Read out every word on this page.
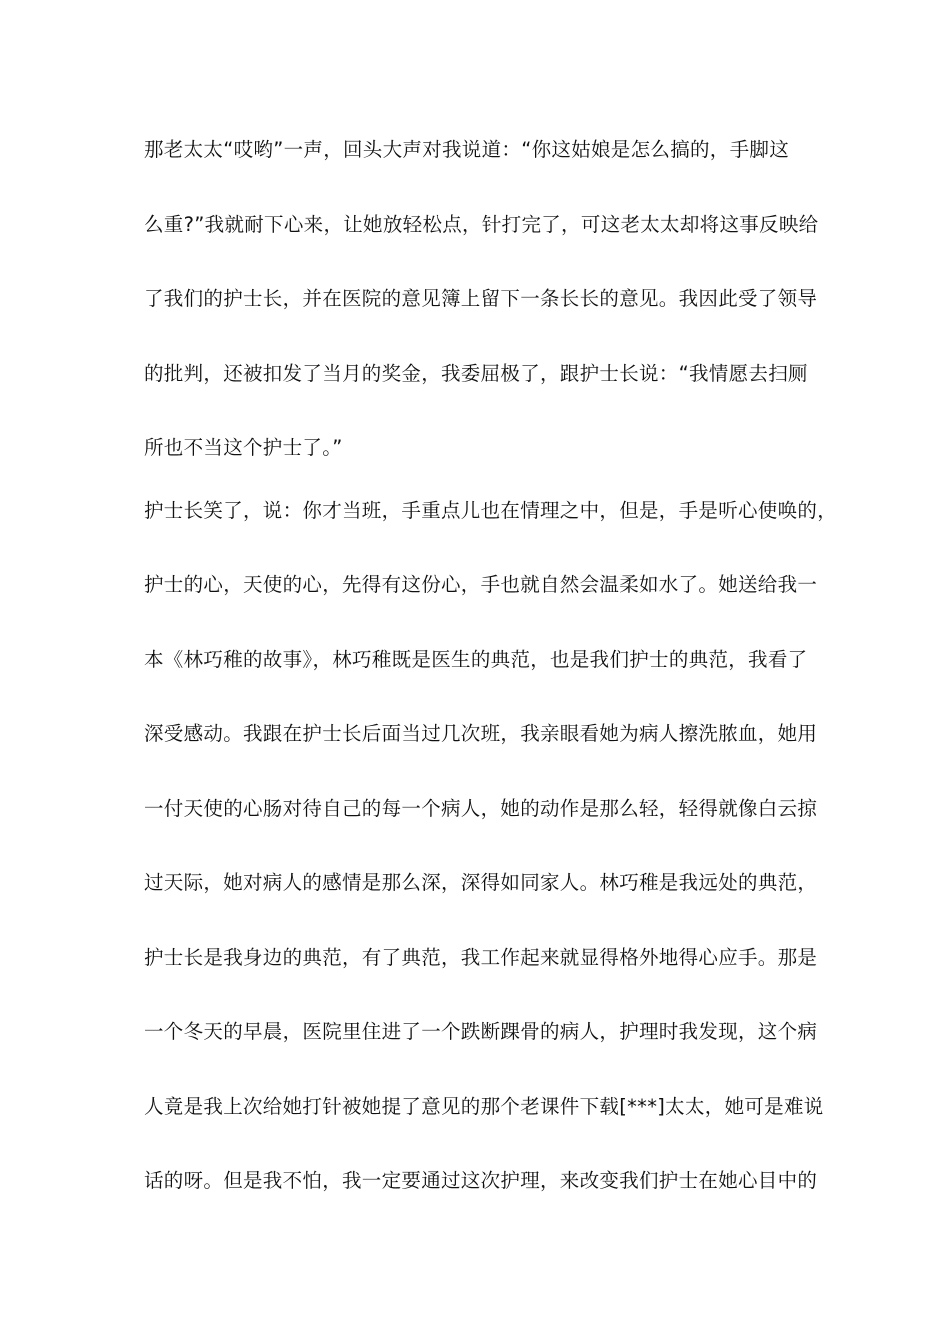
那老太太“哎哟”一声，回头大声对我说道：“你这姑娘是怎么搞的，手脚这
么重?”我就耐下心来，让她放轻松点，针打完了，可这老太太却将这事反映给
了我们的护士长，并在医院的意见簿上留下一条长长的意见。我因此受了领导
的批判，还被扣发了当月的奖金，我委屈极了，跟护士长说：“我情愿去扫厕
所也不当这个护士了。”
护士长笑了，说：你才当班，手重点儿也在情理之中，但是，手是听心使唤的，
护士的心，天使的心，先得有这份心，手也就自然会温柔如水了。她送给我一
本《林巧稚的故事》，林巧稚既是医生的典范，也是我们护士的典范，我看了
深受感动。我跟在护士长后面当过几次班，我亲眼看她为病人擦洗脓血，她用
一付天使的心肠对待自己的每一个病人，她的动作是那么轻，轻得就像白云掠
过天际，她对病人的感情是那么深，深得如同家人。林巧稚是我远处的典范，
护士长是我身边的典范，有了典范，我工作起来就显得格外地得心应手。那是
一个冬天的早晨，医院里住进了一个跌断踝骨的病人，护理时我发现，这个病
人竟是我上次给她打针被她提了意见的那个老课件下载[***]太太，她可是难说
话的呀。但是我不怕，我一定要通过这次护理，来改变我们护士在她心目中的
